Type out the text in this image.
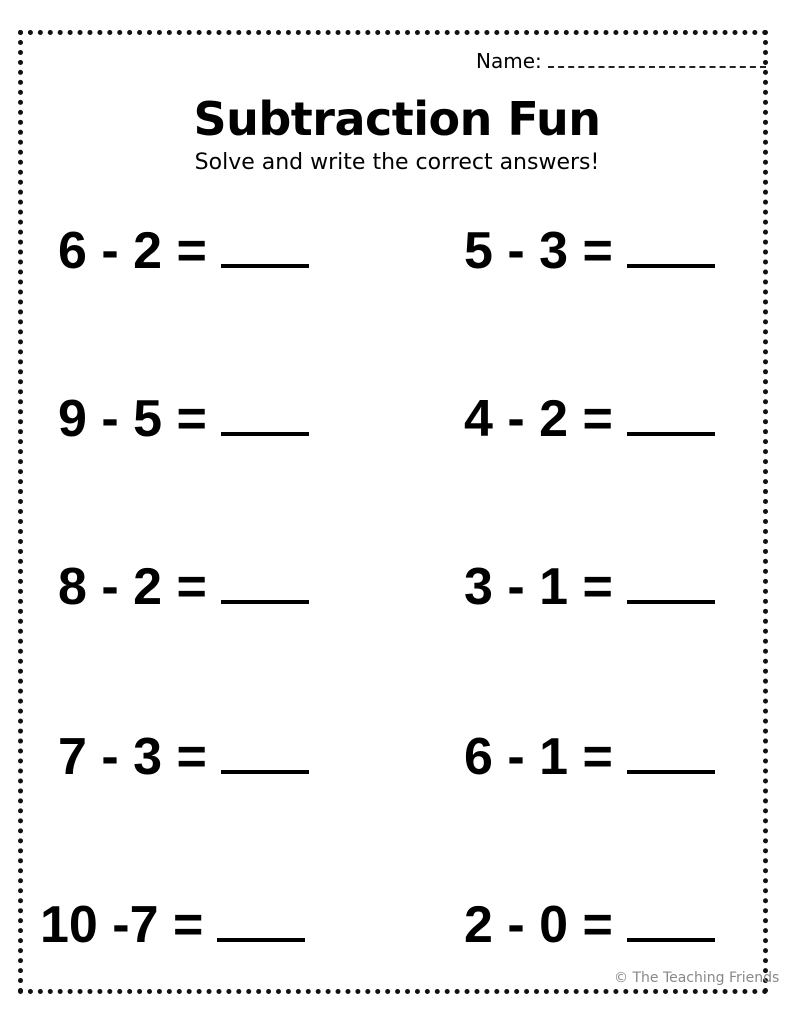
Name:
Subtraction Fun
Solve and write the correct answers!
6 - 2 =
9 - 5 =
8 - 2 =
7 - 3 =
10 -7 =
5 - 3 =
4 - 2 =
3 - 1 =
6 - 1 =
2 - 0 =
© The Teaching Friends
